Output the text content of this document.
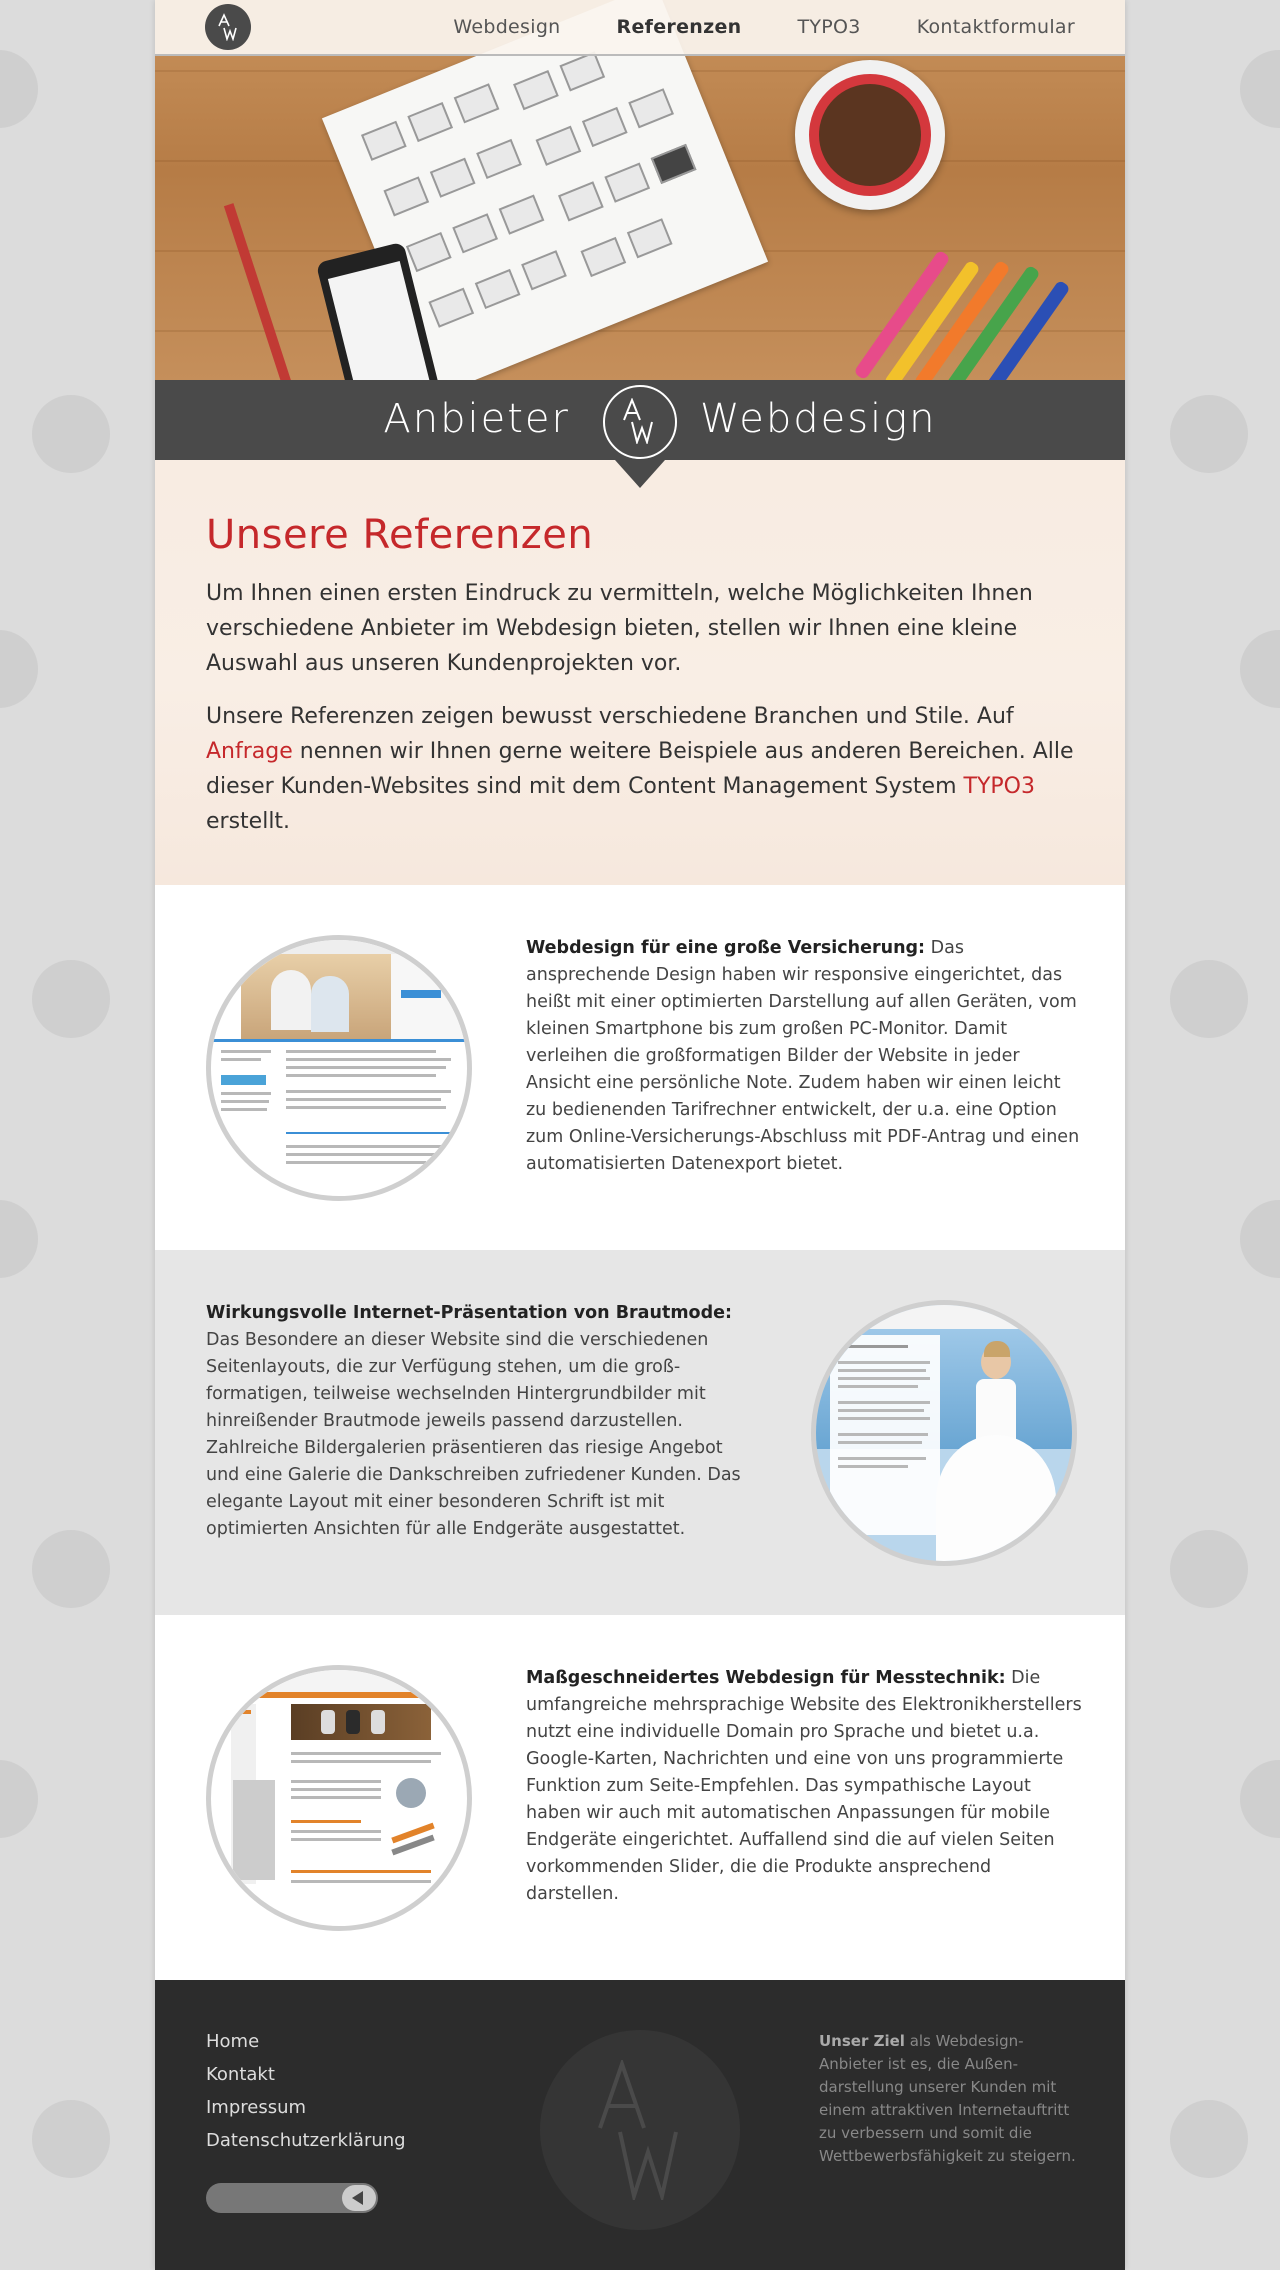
Webdesign	Referenzen	TYPO3	Kontaktformular
Unsere Referenzen

Um Ihnen einen ersten Eindruck zu vermitteln, welche Möglichkeiten Ihnen verschiedene Anbieter im Webdesign bieten, stellen wir Ihnen eine kleine Auswahl aus unseren Kundenprojekten vor.

Unsere Referenzen zeigen bewusst verschiedene Branchen und Stile. Auf Anfrage nennen wir Ihnen gerne weitere Beispiele aus anderen Bereichen. Alle dieser Kunden-Websites sind mit dem Content Management System TYPO3 erstellt.

Anbieter	Webdesign
Webdesign für eine große Versicherung: Das ansprechende Design haben wir responsive eingerichtet, das heißt mit einer optimierten Darstellung auf allen Geräten, vom kleinen Smartphone bis zum großen PC-Monitor. Damit verleihen die großformatigen Bilder der Website in jeder Ansicht eine persönliche Note. Zudem haben wir einen leicht zu bedienenden Tarifrechner entwickelt, der u.a. eine Option zum Online-Versicherungs-Abschluss mit PDF-Antrag und einen automatisierten Datenexport bietet.
Wirkungsvolle Internet-Präsentation von Brautmode: Das Besondere an dieser Website sind die verschiedenen Seitenlayouts, die zur Verfügung stehen, um die großformatigen, teilweise wechselnden Hintergrundbilder mit hinreißender Brautmode jeweils passend darzustellen. Zahlreiche Bildergalerien präsentieren das riesige Angebot und eine Galerie die Dankschreiben zufriedener Kunden. Das elegante Layout mit einer besonderen Schrift ist mit optimierten Ansichten für alle Endgeräte ausgestattet.
Maßgeschneidertes Webdesign für Messtechnik: Die umfangreiche mehrsprachige Website des Elektronikherstellers nutzt eine individuelle Domain pro Sprache und bietet u.a. Google-Karten, Nachrichten und eine von uns programmierte Funktion zum Seite-Empfehlen. Das sympathische Layout haben wir auch mit automatischen Anpassungen für mobile Endgeräte eingerichtet. Auffallend sind die auf vielen Seiten vorkommenden Slider, die die Produkte ansprechend darstellen.
Home
Kontakt
Impressum
Datenschutzerklärung
Unser Ziel als Webdesign-Anbieter ist es, die Außendarstellung unserer Kunden mit einem attraktiven Internetauftritt zu verbessern und somit die Wettbewerbsfähigkeit zu steigern.
